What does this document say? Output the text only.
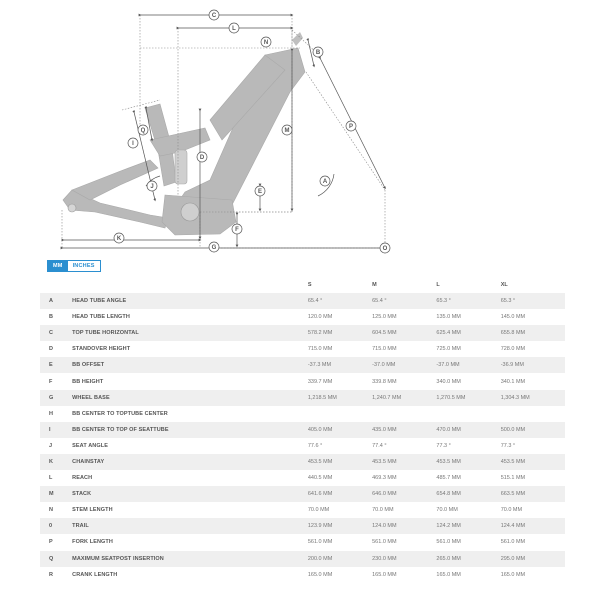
C
L
N
B
P
M
Q
I
D
J
A
E
F
K
G	O
MM	INCHES
		S	M	L	XL
A	HEAD TUBE ANGLE	65.4 °	65.4 °	65.3 °	65.3 °
B	HEAD TUBE LENGTH	120.0 MM	125.0 MM	135.0 MM	145.0 MM
C	TOP TUBE HORIZONTAL	578.2 MM	604.5 MM	625.4 MM	655.8 MM
D	STANDOVER HEIGHT	715.0 MM	715.0 MM	725.0 MM	728.0 MM
E	BB OFFSET	-37.3 MM	-37.0 MM	-37.0 MM	-36.9 MM
F	BB HEIGHT	339.7 MM	339.8 MM	340.0 MM	340.1 MM
G	WHEEL BASE	1,218.5 MM	1,240.7 MM	1,270.5 MM	1,304.3 MM
H	BB CENTER TO TOPTUBE CENTER				
I	BB CENTER TO TOP OF SEATTUBE	405.0 MM	435.0 MM	470.0 MM	500.0 MM
J	SEAT ANGLE	77.6 °	77.4 °	77.3 °	77.3 °
K	CHAINSTAY	453.5 MM	453.5 MM	453.5 MM	453.5 MM
L	REACH	440.5 MM	469.3 MM	485.7 MM	515.1 MM
M	STACK	641.6 MM	646.0 MM	654.8 MM	663.5 MM
N	STEM LENGTH	70.0 MM	70.0 MM	70.0 MM	70.0 MM
0	TRAIL	123.9 MM	124.0 MM	124.2 MM	124.4 MM
P	FORK LENGTH	561.0 MM	561.0 MM	561.0 MM	561.0 MM
Q	MAXIMUM SEATPOST INSERTION	200.0 MM	230.0 MM	265.0 MM	295.0 MM
R	CRANK LENGTH	165.0 MM	165.0 MM	165.0 MM	165.0 MM
